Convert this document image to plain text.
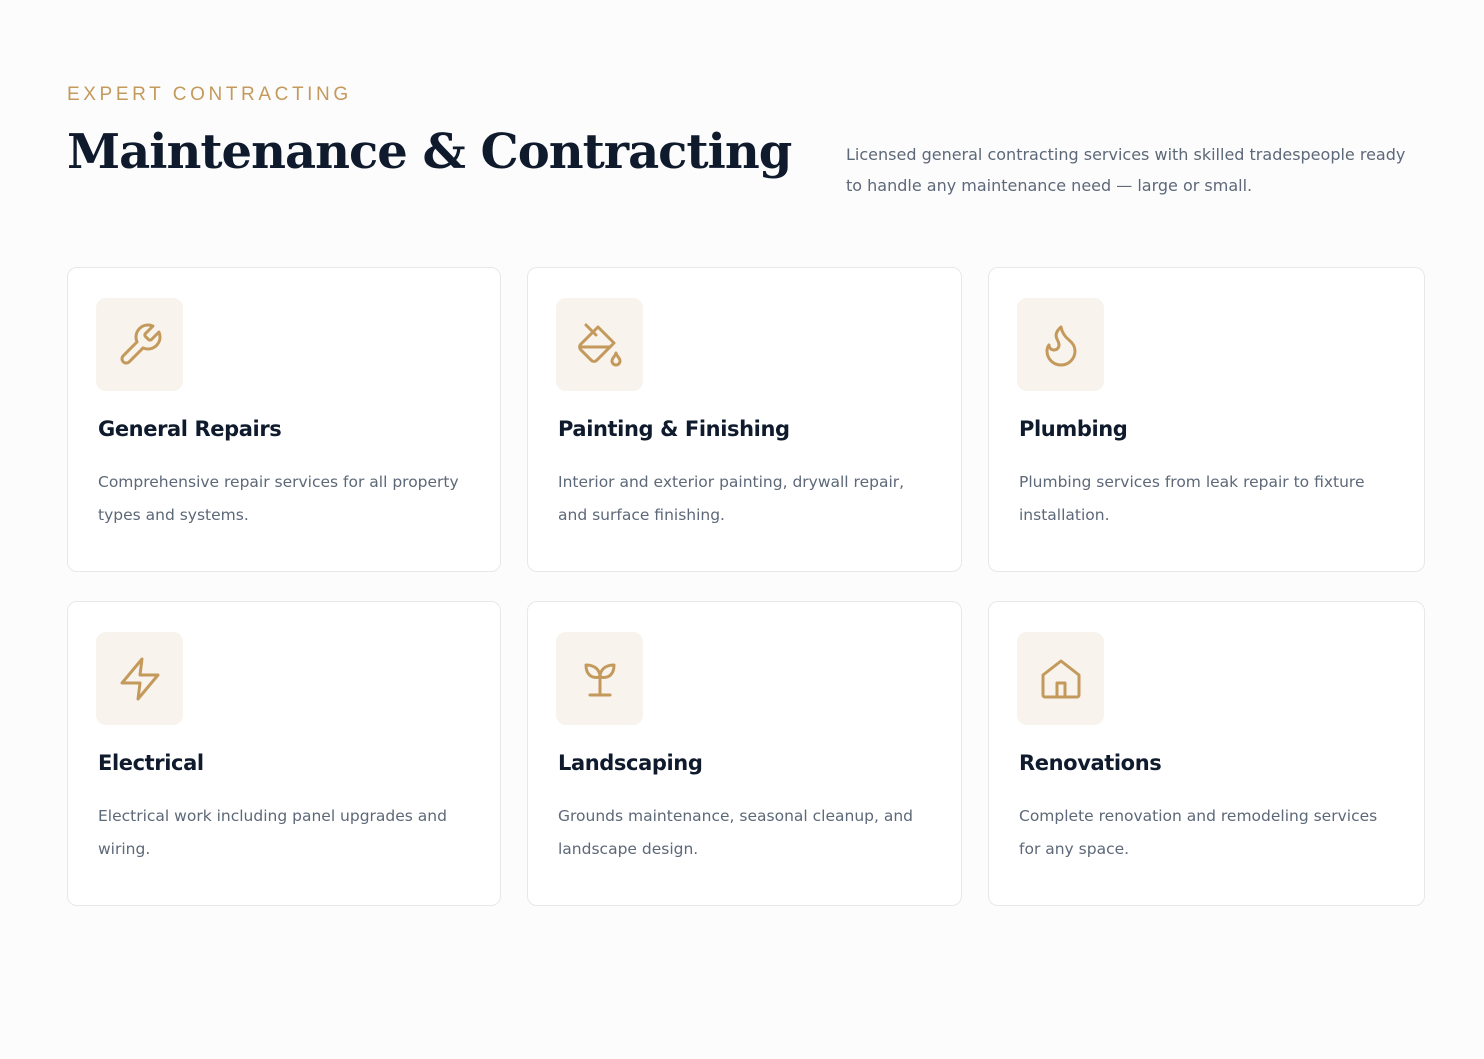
EXPERT CONTRACTING
Maintenance & Contracting	Licensed general contracting services with skilled tradespeople ready to handle any maintenance need — large or small.

General Repairs

Comprehensive repair services for all property types and systems.

Painting & Finishing

Interior and exterior painting, drywall repair, and surface finishing.

Plumbing

Plumbing services from leak repair to fixture installation.

Electrical

Electrical work including panel upgrades and wiring.

Landscaping

Grounds maintenance, seasonal cleanup, and landscape design.

Renovations

Complete renovation and remodeling services for any space.
